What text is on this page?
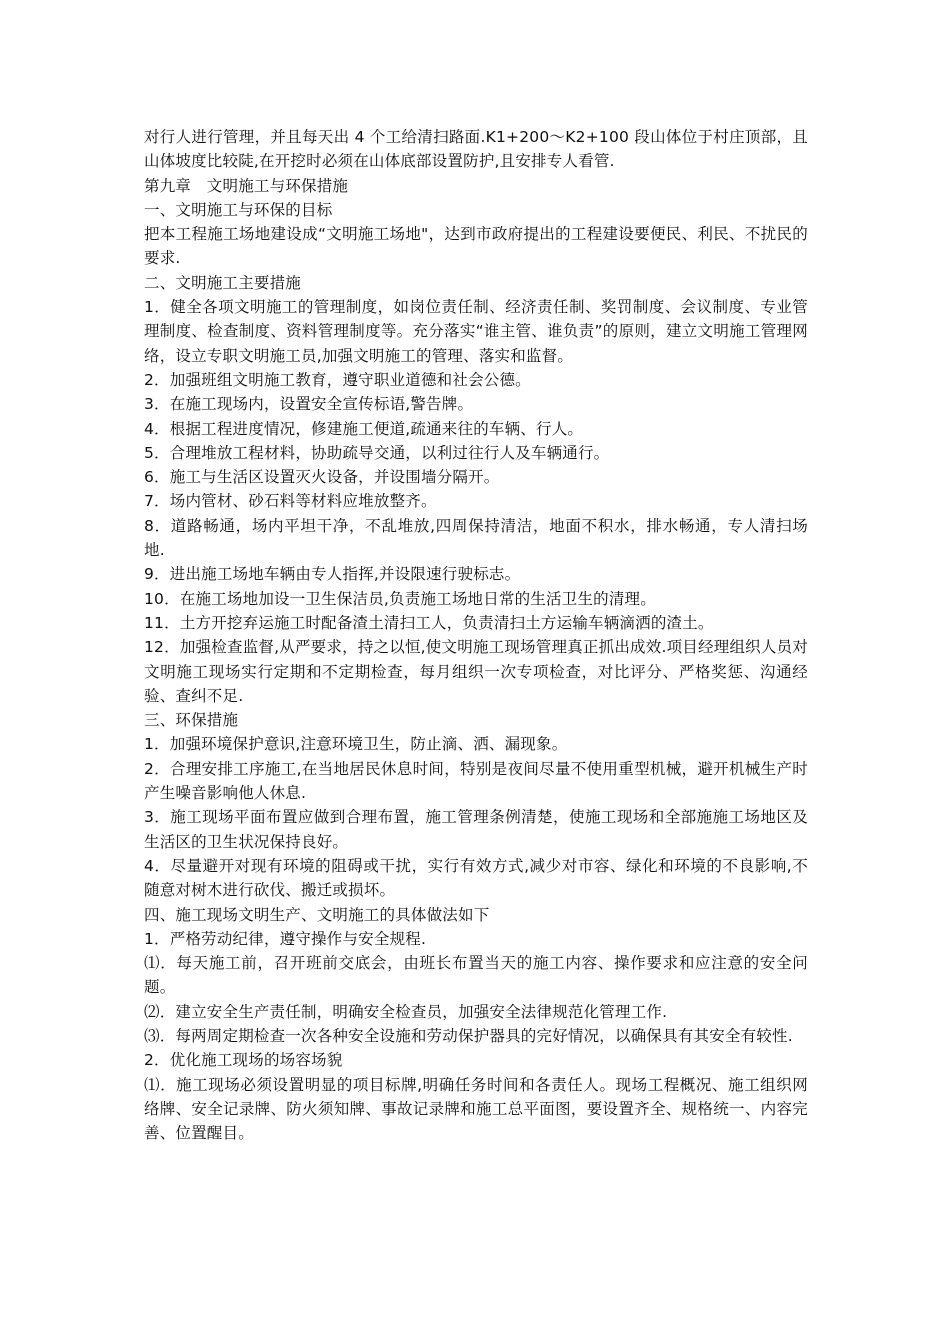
对行人进行管理，并且每天出 4 个工给清扫路面.K1+200～K2+100 段山体位于村庄顶部，且山体坡度比较陡,在开挖时必须在山体底部设置防护,且安排专人看管.

第九章　文明施工与环保措施

一、文明施工与环保的目标

把本工程施工场地建设成“文明施工场地"，达到市政府提出的工程建设要便民、利民、不扰民的要求.

二、文明施工主要措施

1．健全各项文明施工的管理制度，如岗位责任制、经济责任制、奖罚制度、会议制度、专业管理制度、检查制度、资料管理制度等。充分落实“谁主管、谁负责”的原则，建立文明施工管理网络，设立专职文明施工员,加强文明施工的管理、落实和监督。

2．加强班组文明施工教育，遵守职业道德和社会公德。

3．在施工现场内，设置安全宣传标语,警告牌。

4．根据工程进度情况，修建施工便道,疏通来往的车辆、行人。

5．合理堆放工程材料，协助疏导交通，以利过往行人及车辆通行。

6．施工与生活区设置灭火设备，并设围墙分隔开。

7．场内管材、砂石料等材料应堆放整齐。

8．道路畅通，场内平坦干净，不乱堆放,四周保持清洁，地面不积水，排水畅通，专人清扫场地.

9．进出施工场地车辆由专人指挥,并设限速行驶标志。

10．在施工场地加设一卫生保洁员,负责施工场地日常的生活卫生的清理。

11．土方开挖弃运施工时配备渣土清扫工人，负责清扫土方运输车辆滴洒的渣土。

12．加强检查监督,从严要求，持之以恒,使文明施工现场管理真正抓出成效.项目经理组织人员对文明施工现场实行定期和不定期检查，每月组织一次专项检查，对比评分、严格奖惩、沟通经验、查纠不足.

三、环保措施

1．加强环境保护意识,注意环境卫生，防止滴、洒、漏现象。

2．合理安排工序施工,在当地居民休息时间，特别是夜间尽量不使用重型机械，避开机械生产时产生噪音影响他人休息.

3．施工现场平面布置应做到合理布置，施工管理条例清楚，使施工现场和全部施施工场地区及生活区的卫生状况保持良好。

4．尽量避开对现有环境的阻碍或干扰，实行有效方式,减少对市容、绿化和环境的不良影响,不随意对树木进行砍伐、搬迁或损坏。

四、施工现场文明生产、文明施工的具体做法如下

1．严格劳动纪律，遵守操作与安全规程.

⑴．每天施工前，召开班前交底会，由班长布置当天的施工内容、操作要求和应注意的安全问题。

⑵．建立安全生产责任制，明确安全检查员，加强安全法律规范化管理工作.

⑶．每两周定期检查一次各种安全设施和劳动保护器具的完好情况，以确保具有其安全有较性.

2．优化施工现场的场容场貌

⑴．施工现场必须设置明显的项目标牌,明确任务时间和各责任人。现场工程概况、施工组织网络牌、安全记录牌、防火须知牌、事故记录牌和施工总平面图，要设置齐全、规格统一、内容完善、位置醒目。
